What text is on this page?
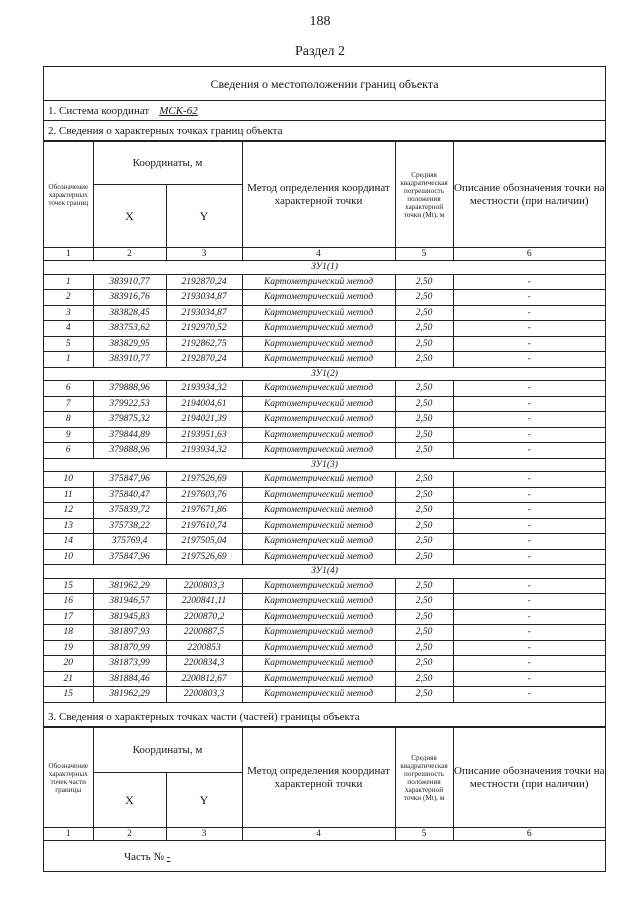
188
Раздел 2
Сведения о местоположении границ объекта
1. Система координат МСК-62
2. Сведения о характерных точках границ объекта
Обозначение характерных точек границ	Координаты, м		Метод определения координат характерной точки	Средняя квадратическая погрешность положения характерной точки (Mt), м	Описание обозначения точки на местности (при наличии)
	X	Y			
1	2	3	4	5	6
ЗУ1(1)					
1	383910,77	2192870,24	Картометрический метод	2,50	-
2	383916,76	2193034,87	Картометрический метод	2,50	-
3	383828,45	2193034,87	Картометрический метод	2,50	-
4	383753,62	2192970,52	Картометрический метод	2,50	-
5	383829,95	2192862,75	Картометрический метод	2,50	-
1	383910,77	2192870,24	Картометрический метод	2,50	-
ЗУ1(2)					
6	379888,96	2193934,32	Картометрический метод	2,50	-
7	379922,53	2194004,61	Картометрический метод	2,50	-
8	379875,32	2194021,39	Картометрический метод	2,50	-
9	379844,89	2193951,63	Картометрический метод	2,50	-
6	379888,96	2193934,32	Картометрический метод	2,50	-
ЗУ1(3)					
10	375847,96	2197526,69	Картометрический метод	2,50	-
11	375840,47	2197603,76	Картометрический метод	2,50	-
12	375839,72	2197671,86	Картометрический метод	2,50	-
13	375738,22	2197610,74	Картометрический метод	2,50	-
14	375769,4	2197505,04	Картометрический метод	2,50	-
10	375847,96	2197526,69	Картометрический метод	2,50	-
ЗУ1(4)					
15	381962,29	2200803,3	Картометрический метод	2,50	-
16	381946,57	2200841,11	Картометрический метод	2,50	-
17	381945,83	2200870,2	Картометрический метод	2,50	-
18	381897,93	2200887,5	Картометрический метод	2,50	-
19	381870,99	2200853	Картометрический метод	2,50	-
20	381873,99	2200834,3	Картометрический метод	2,50	-
21	381884,46	2200812,67	Картометрический метод	2,50	-
15	381962,29	2200803,3	Картометрический метод	2,50	-
3. Сведения о характерных точках части (частей) границы объекта
Обозначение характерных точек части границы	Координаты, м		Метод определения координат характерной точки	Средняя квадратическая погрешность положения характерной точки (Mt), м	Описание обозначения точки на местности (при наличии)
	X	Y			
1	2	3	4	5	6
Часть № -
